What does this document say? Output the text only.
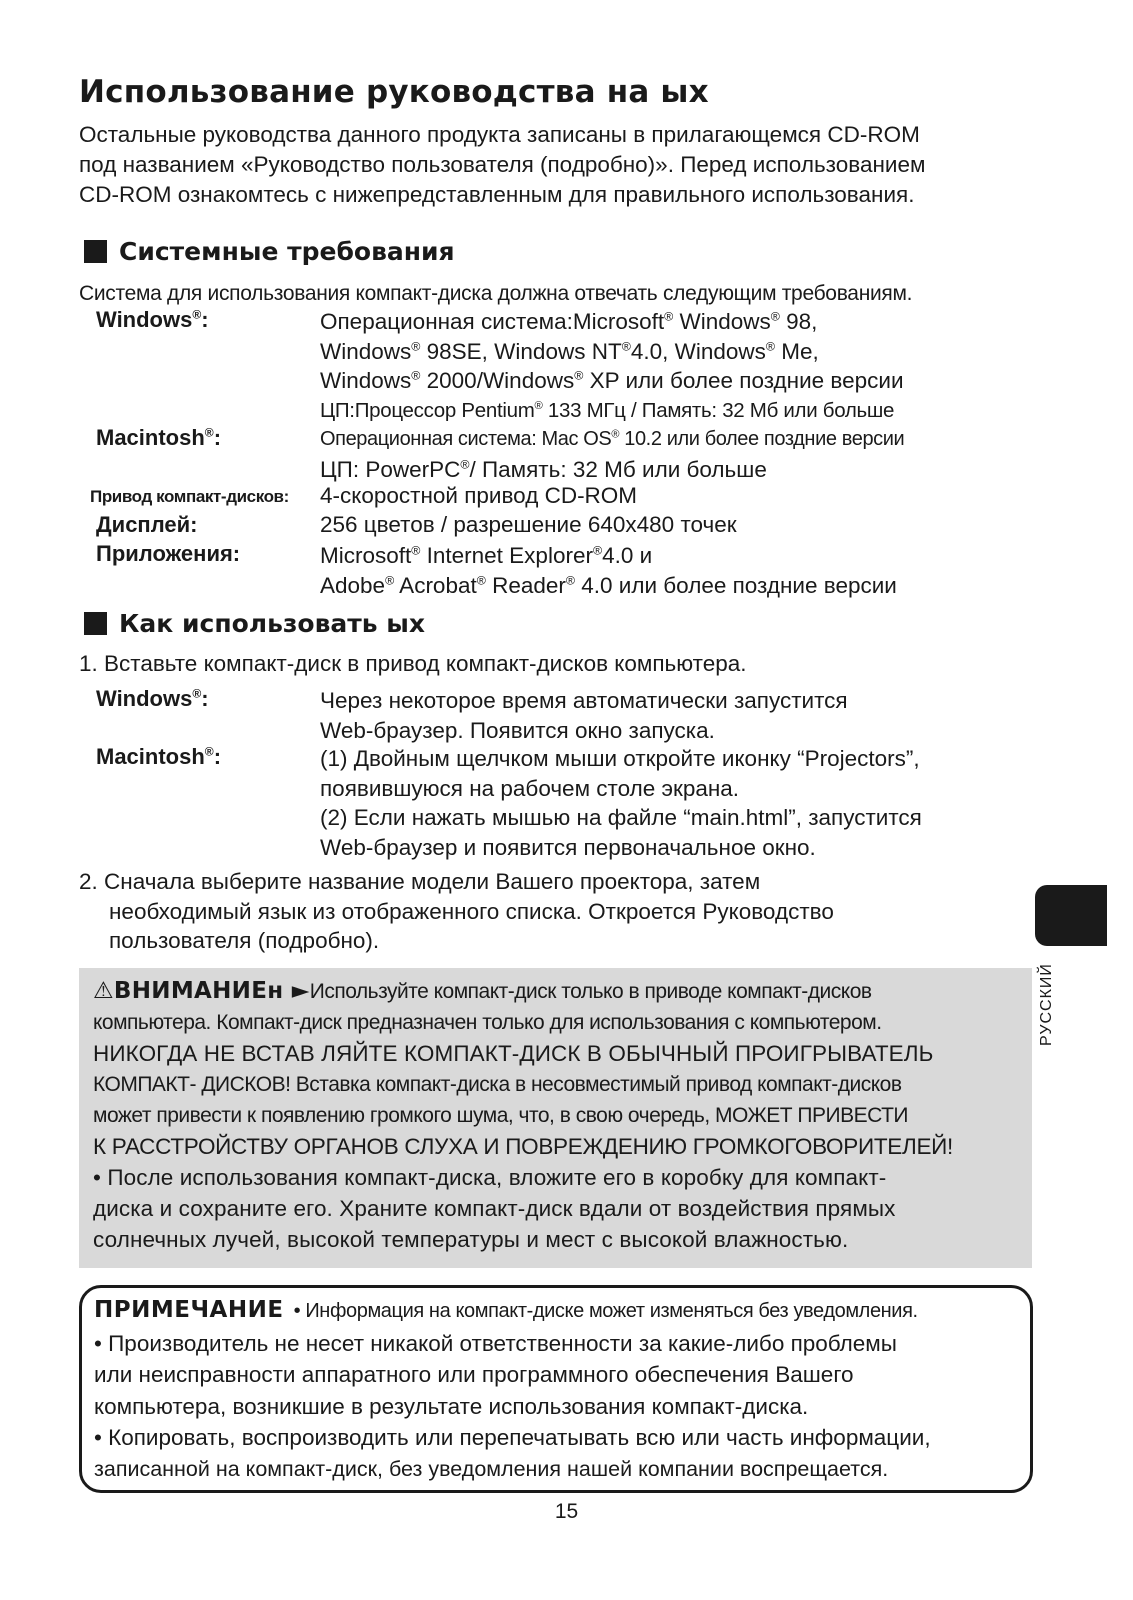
Использование руководства на ых
Остальные руководства данного продукта записаны в прилагающемся CD-ROM
под названием «Руководство пользователя (подробно)». Перед использованием
CD-ROM ознакомтесь с нижепредставленным для правильного использования.
Системные требования
Система для использования компакт-диска должна отвечать следующим требованиям.
Windows®:	Операционная система:Microsoft® Windows® 98,
Windows® 98SE, Windows NT®4.0, Windows® Me,
Windows® 2000/Windows® XP или более поздние версии
ЦП:Процессор Pentium® 133 МГц / Память: 32 Мб или больше
Macintosh®:	Операционная система: Mac OS® 10.2 или более поздние версии
ЦП: PowerPC®/ Память: 32 Мб или больше
Привод компакт-дисков: 4-скоростной привод CD-ROM
Дисплей:	256 цветов / разрешение 640x480 точек
Приложения:	Microsoft® Internet Explorer®4.0 и
Adobe® Acrobat® Reader® 4.0 или более поздние версии
Как использовать ых
1. Вставьте компакт-диск в привод компакт-дисков компьютера.
Windows®:	Через некоторое время автоматически запустится
Web-браузер. Появится окно запуска.
Macintosh®:	(1) Двойным щелчком мыши откройте иконку “Projectors”,
появившуюся на рабочем столе экрана.
(2) Если нажать мышью на файле “main.html”, запустится
Web-браузер и появится первоначальное окно.
2. Сначала выберите название модели Вашего проектора, затем
необходимый язык из отображенного списка. Откроется Руководство
пользователя (подробно).
⚠ВНИМАНИЕн ►Используйте компакт-диск только в приводе компакт-дисков
компьютера. Компакт-диск предназначен только для использования с компьютером.
НИКОГДА НЕ ВСТАВ ЛЯЙТЕ КОМПАКТ-ДИСК В ОБЫЧНЫЙ ПРОИГРЫВАТЕЛЬ
КОМПАКТ- ДИСКОВ! Вставка компакт-диска в несовместимый привод компакт-дисков
может привести к появлению громкого шума, что, в свою очередь, МОЖЕТ ПРИВЕСТИ
К РАССТРОЙСТВУ ОРГАНОВ СЛУХА И ПОВРЕЖДЕНИЮ ГРОМКОГОВОРИТЕЛЕЙ!
• После использования компакт-диска, вложите его в коробку для компакт-
диска и сохраните его. Храните компакт-диск вдали от воздействия прямых
солнечных лучей, высокой температуры и мест с высокой влажностью.
ПРИМЕЧАНИЕ • Информация на компакт-диске может изменяться без уведомления.
• Производитель не несет никакой ответственности за какие-либо проблемы
или неисправности аппаратного или программного обеспечения Вашего
компьютера, возникшие в результате использования компакт-диска.
• Копировать, воспроизводить или перепечатывать всю или часть информации,
записанной на компакт-диск, без уведомления нашей компании воспрещается.
РУССКИЙ
15
